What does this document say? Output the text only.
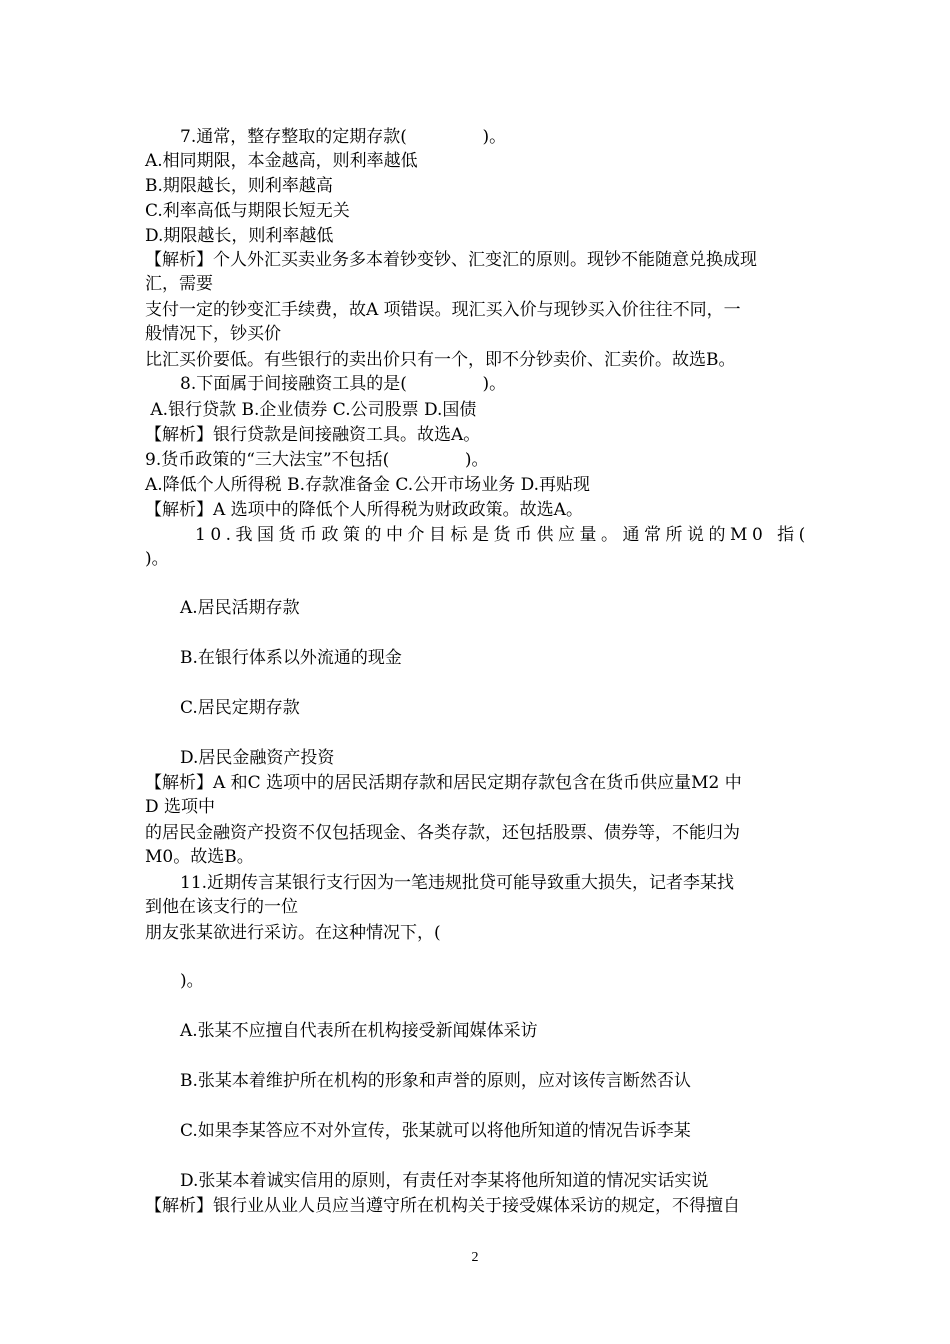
7.通常，整存整取的定期存款(              )。
A.相同期限，本金越高，则利率越低
B.期限越长，则利率越高
C.利率高低与期限长短无关
D.期限越长，则利率越低
【解析】个人外汇买卖业务多本着钞变钞、汇变汇的原则。现钞不能随意兑换成现
汇，需要
支付一定的钞变汇手续费，故A 项错误。现汇买入价与现钞买入价往往不同，一
般情况下，钞买价
比汇买价要低。有些银行的卖出价只有一个，即不分钞卖价、汇卖价。故选B。
8.下面属于间接融资工具的是(              )。
A.银行贷款 B.企业债券 C.公司股票 D.国债
【解析】银行贷款是间接融资工具。故选A。
9.货币政策的“三大法宝”不包括(              )。
A.降低个人所得税 B.存款准备金 C.公开市场业务 D.再贴现
【解析】A 选项中的降低个人所得税为财政政策。故选A。
10.我国货币政策的中介目标是货币供应量。通常所说的M0 指(
)。
A.居民活期存款
B.在银行体系以外流通的现金
C.居民定期存款
D.居民金融资产投资
【解析】A 和C 选项中的居民活期存款和居民定期存款包含在货币供应量M2 中
D 选项中
的居民金融资产投资不仅包括现金、各类存款，还包括股票、债券等，不能归为
M0。故选B。
11.近期传言某银行支行因为一笔违规批贷可能导致重大损失，记者李某找
到他在该支行的一位
朋友张某欲进行采访。在这种情况下，(
)。
A.张某不应擅自代表所在机构接受新闻媒体采访
B.张某本着维护所在机构的形象和声誉的原则，应对该传言断然否认
C.如果李某答应不对外宣传，张某就可以将他所知道的情况告诉李某
D.张某本着诚实信用的原则，有责任对李某将他所知道的情况实话实说
【解析】银行业从业人员应当遵守所在机构关于接受媒体采访的规定，不得擅自
2
